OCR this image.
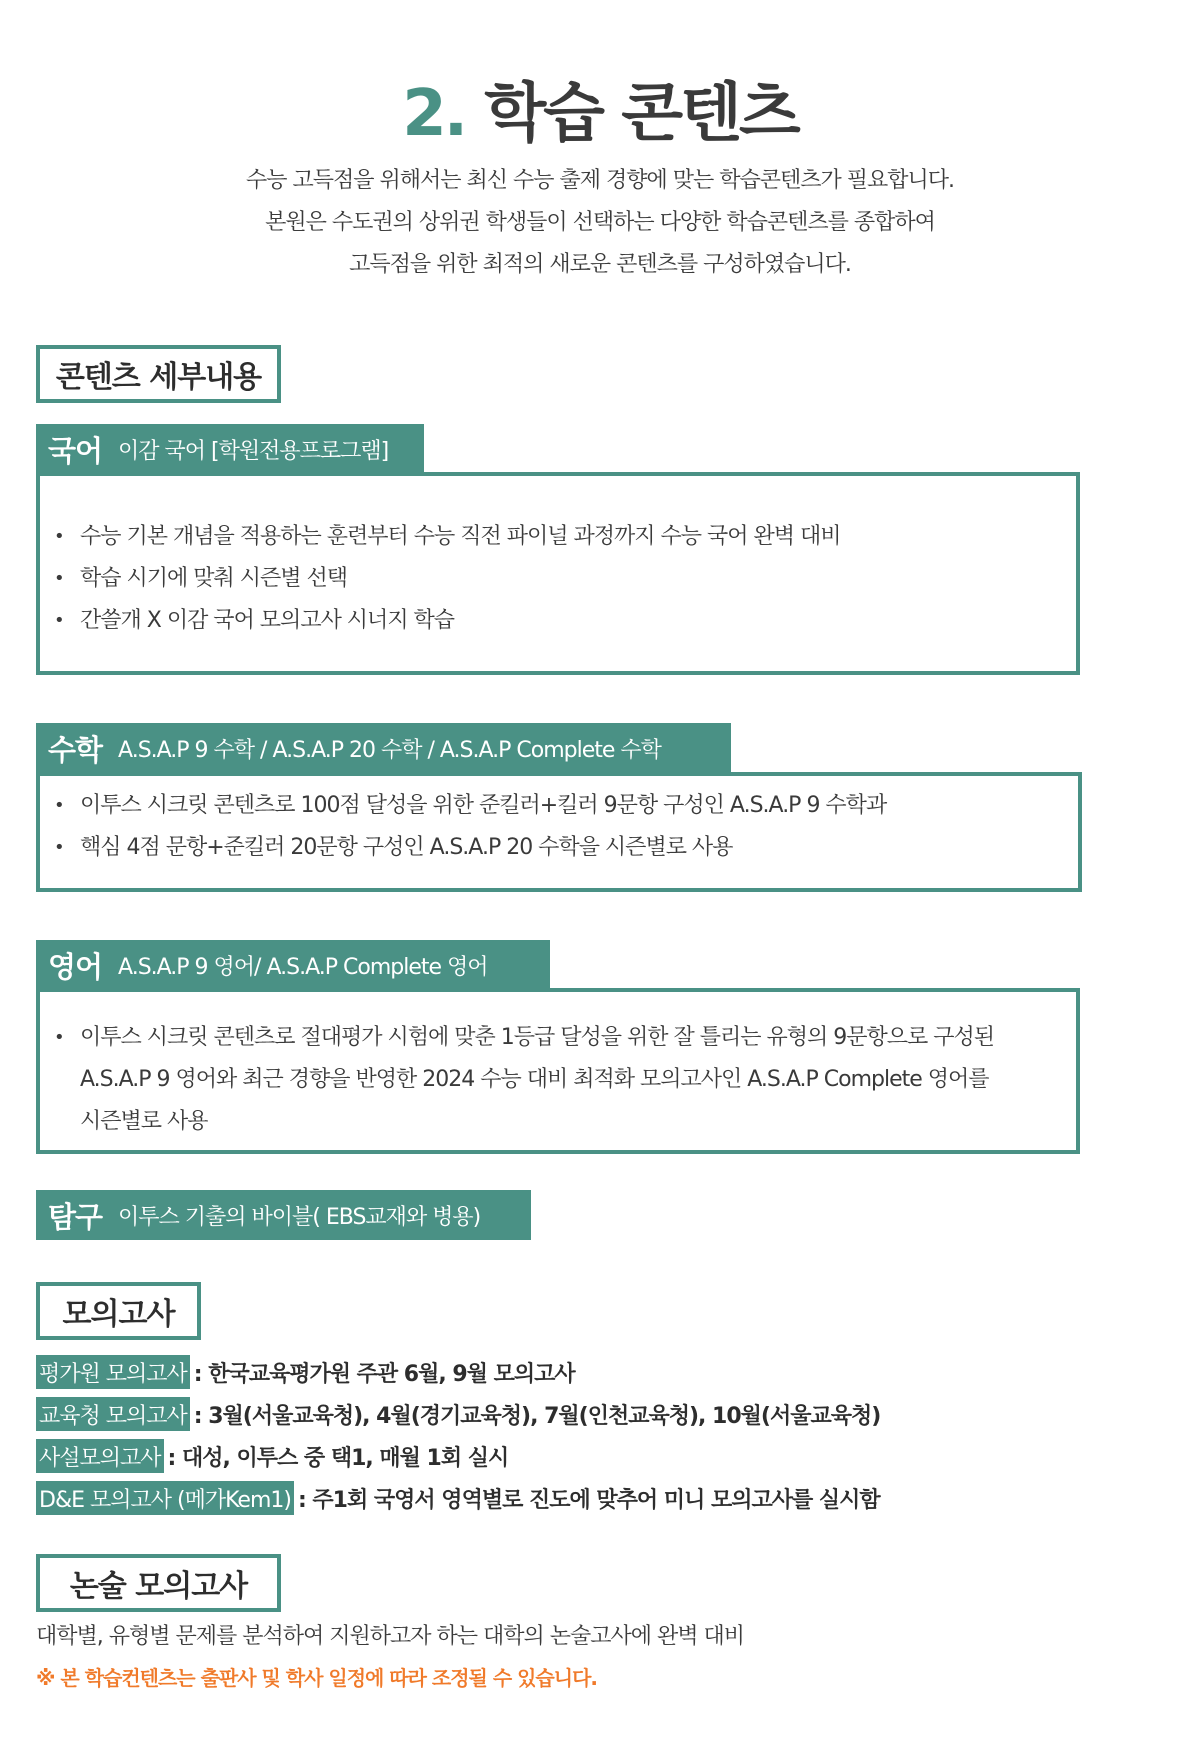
2. 학습 콘텐츠
수능 고득점을 위해서는 최신 수능 출제 경향에 맞는 학습콘텐츠가 필요합니다.
본원은 수도권의 상위권 학생들이 선택하는 다양한 학습콘텐츠를 종합하여
고득점을 위한 최적의 새로운 콘텐츠를 구성하였습니다.
콘텐츠 세부내용
국어 이감 국어 [학원전용프로그램]
• 수능 기본 개념을 적용하는 훈련부터 수능 직전 파이널 과정까지 수능 국어 완벽 대비
• 학습 시기에 맞춰 시즌별 선택
• 간쓸개 X 이감 국어 모의고사 시너지 학습
수학 A.S.A.P 9 수학 / A.S.A.P 20 수학 / A.S.A.P Complete 수학
• 이투스 시크릿 콘텐츠로 100점 달성을 위한 준킬러+킬러 9문항 구성인 A.S.A.P 9 수학과
• 핵심 4점 문항+준킬러 20문항 구성인 A.S.A.P 20 수학을 시즌별로 사용
영어 A.S.A.P 9 영어/ A.S.A.P Complete 영어
• 이투스 시크릿 콘텐츠로 절대평가 시험에 맞춘 1등급 달성을 위한 잘 틀리는 유형의 9문항으로 구성된
A.S.A.P 9 영어와 최근 경향을 반영한 2024 수능 대비 최적화 모의고사인 A.S.A.P Complete 영어를
시즌별로 사용
탐구 이투스 기출의 바이블( EBS교재와 병용)
모의고사
평가원 모의고사 : 한국교육평가원 주관 6월, 9월 모의고사
교육청 모의고사 : 3월(서울교육청), 4월(경기교육청), 7월(인천교육청), 10월(서울교육청)
사설모의고사 : 대성, 이투스 중 택1, 매월 1회 실시
D&E 모의고사 (메가Kem1) : 주1회 국영서 영역별로 진도에 맞추어 미니 모의고사를 실시함
논술 모의고사
대학별, 유형별 문제를 분석하여 지원하고자 하는 대학의 논술고사에 완벽 대비
※ 본 학습컨텐츠는 출판사 및 학사 일정에 따라 조정될 수 있습니다.
